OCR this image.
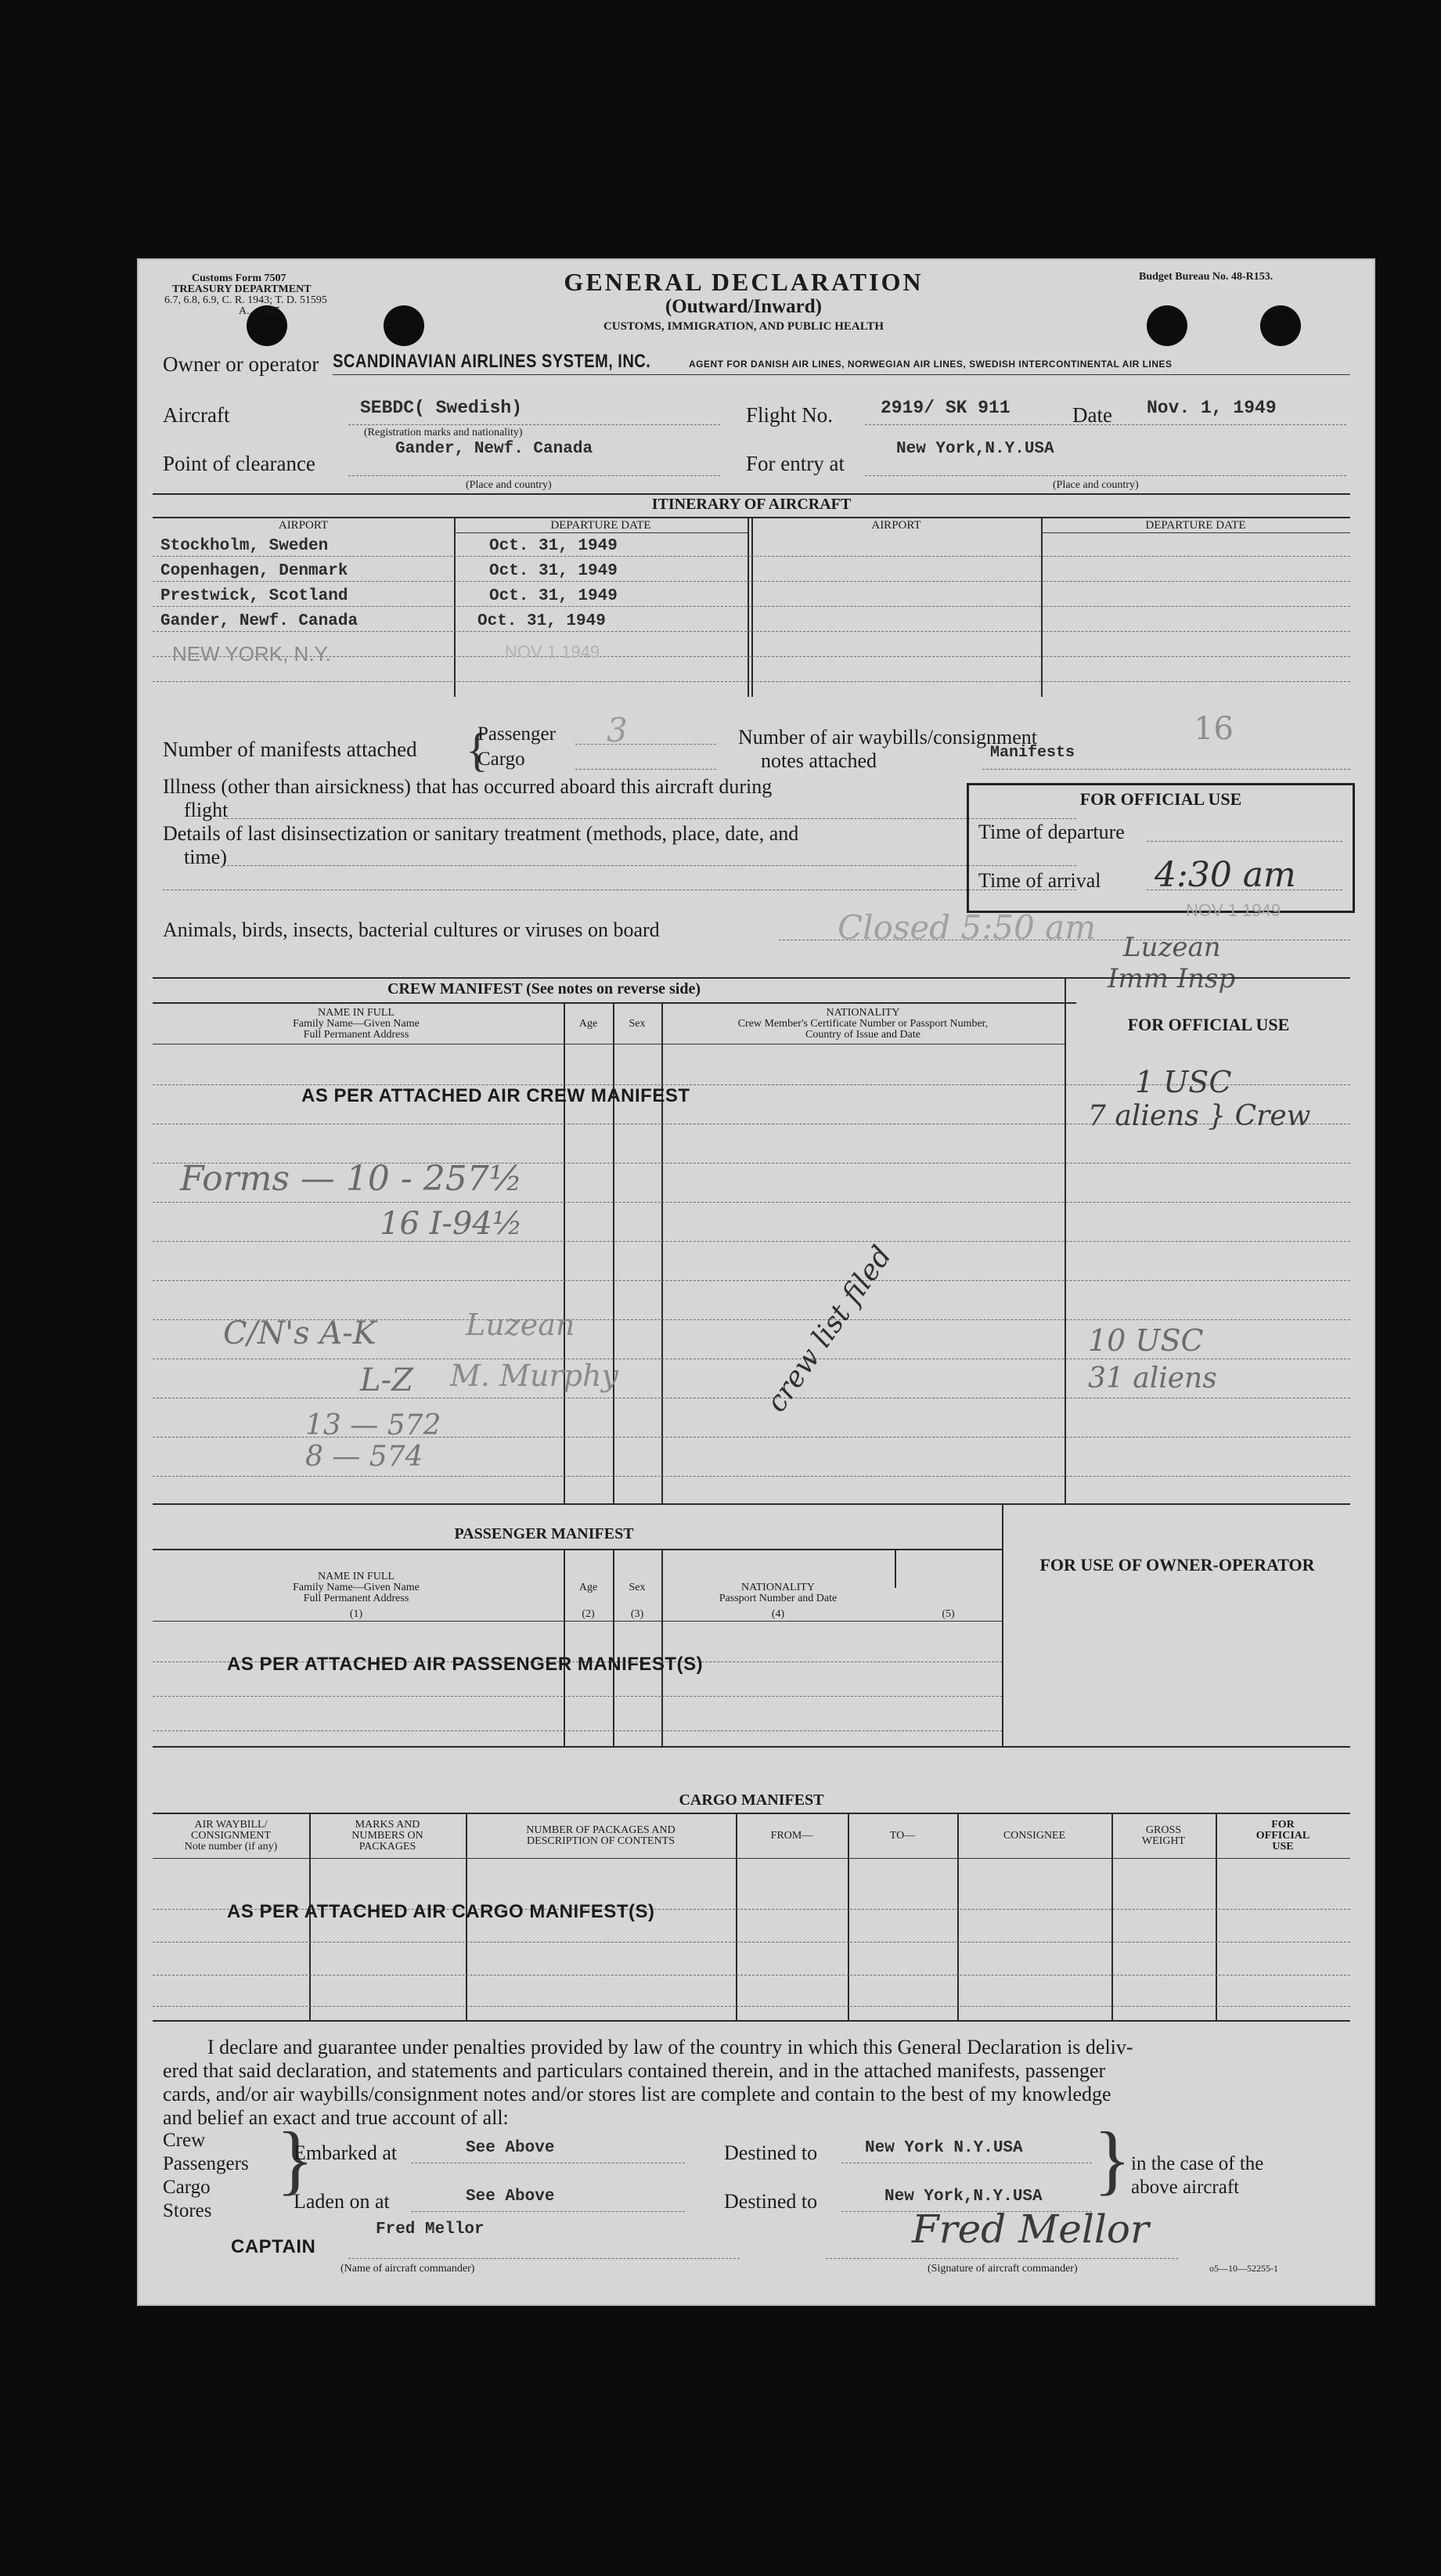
Customs Form 7507
TREASURY DEPARTMENT
6.7, 6.8, 6.9, C. R. 1943; T. D. 51595
A... 1947
GENERAL DECLARATION
(Outward/Inward)
CUSTOMS, IMMIGRATION, AND PUBLIC HEALTH
Budget Bureau No. 48-R153.
Owner or operator SCANDINAVIAN AIRLINES SYSTEM, INC.	AGENT FOR DANISH AIR LINES, NORWEGIAN AIR LINES, SWEDISH INTERCONTINENTAL AIR LINES
Aircraft	SEBDC( Swedish)
(Registration marks and nationality)
Flight No.	2919/ SK 911	Date Nov. 1, 1949
Point of clearance
Gander, Newf. Canada
(Place and country)
For entry at
New York,N.Y.USA
(Place and country)
ITINERARY OF AIRCRAFT
AIRPORT	DEPARTURE DATE	AIRPORT	DEPARTURE DATE
Stockholm, Sweden	Oct. 31, 1949
Copenhagen, Denmark	Oct. 31, 1949
Prestwick, Scotland	Oct. 31, 1949
Gander, Newf. Canada	Oct. 31, 1949
NEW YORK, N.Y.	NOV 1 1949
Number of manifests attached {
Passenger
Cargo
3	Number of air waybills/consignment
notes attached	Manifests
16
Illness (other than airsickness) that has occurred aboard this aircraft during
flight
Details of last disinsectization or sanitary treatment (methods, place, date, and
time)
Animals, birds, insects, bacterial cultures or viruses on board	Closed 5:50 am
FOR OFFICIAL USE
Time of departure
Time of arrival 4:30 am
NOV 1 1949
Luzean
Imm Insp
CREW MANIFEST (See notes on reverse side)
NAME IN FULL
Family Name—Given Name
Full Permanent Address
Age	Sex
NATIONALITY
Crew Member's Certificate Number or Passport Number,
Country of Issue and Date
FOR OFFICIAL USE
AS PER ATTACHED AIR CREW MANIFEST
Forms — 10 - 257½
16 I-94½
C/N's A-K
L-Z
Luzean
M. Murphy
13 — 572
8 — 574
crew list filed
1 USC
7 aliens } Crew
10 USC
31 aliens
PASSENGER MANIFEST
FOR USE OF OWNER-OPERATOR
NAME IN FULL
Family Name—Given Name
Full Permanent Address
(1)
Age
(2)
Sex
(3)
NATIONALITY
Passport Number and Date
(4)	(5)
AS PER ATTACHED AIR PASSENGER MANIFEST(S)
CARGO MANIFEST
AIR WAYBILL/
CONSIGNMENT
Note number (if any)
MARKS AND
NUMBERS ON
PACKAGES
NUMBER OF PACKAGES AND
DESCRIPTION OF CONTENTS	FROM—	TO—	CONSIGNEE	GROSS
WEIGHT
FOR
OFFICIAL
USE
AS PER ATTACHED AIR CARGO MANIFEST(S)
I declare and guarantee under penalties provided by law of the country in which this General Declaration is deliv-
ered that said declaration, and statements and particulars contained therein, and in the attached manifests, passenger
cards, and/or air waybills/consignment notes and/or stores list are complete and contain to the best of my knowledge
and belief an exact and true account of all:
Crew
Passengers
Cargo
Stores
}
Embarked at	See Above
Laden on at	See Above
Destined to	New York N.Y.USA
Destined to	New York,N.Y.USA } in the case of the
above aircraft
Fred Mellor
CAPTAIN
(Name of aircraft commander)
Fred Mellor
(Signature of aircraft commander)	o5—10—52255-1
